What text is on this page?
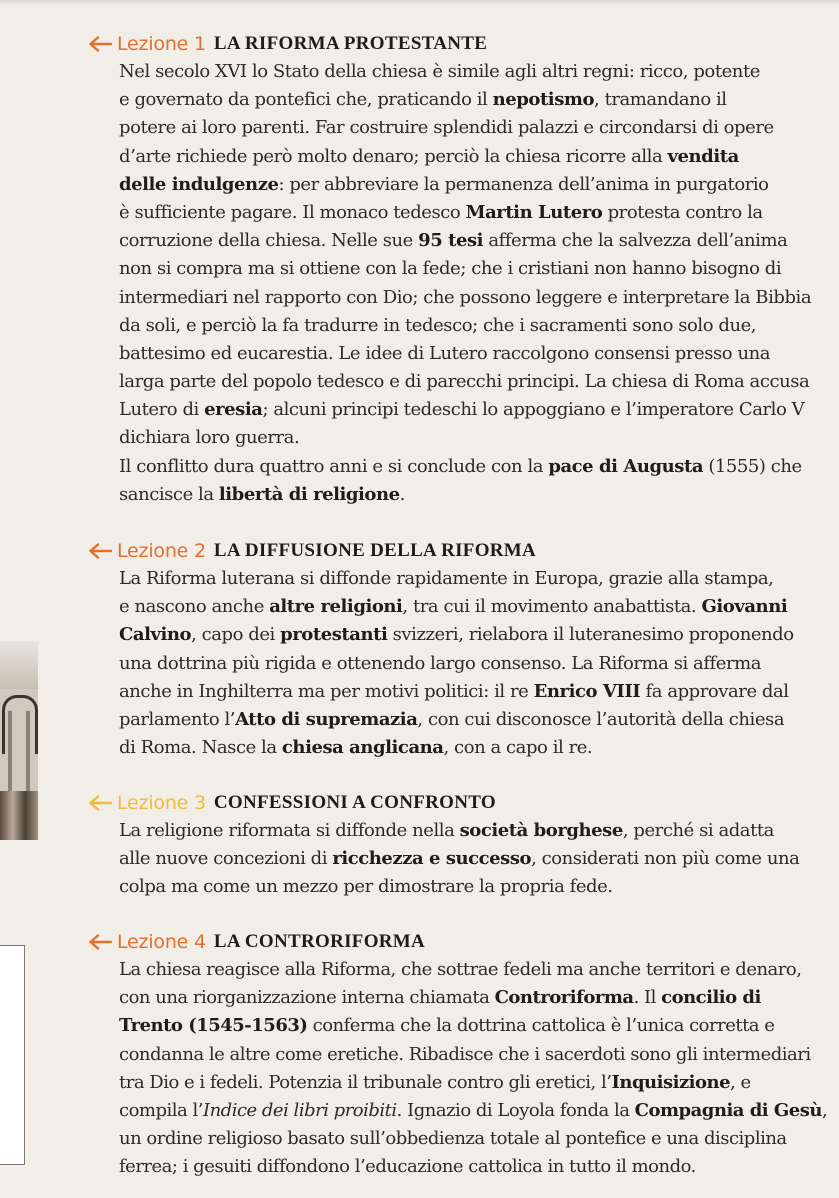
Lezione 1 LA RIFORMA PROTESTANTE

Nel secolo XVI lo Stato della chiesa è simile agli altri regni: ricco, potente
e governato da pontefici che, praticando il nepotismo, tramandano il
potere ai loro parenti. Far costruire splendidi palazzi e circondarsi di opere
d’arte richiede però molto denaro; perciò la chiesa ricorre alla vendita
delle indulgenze: per abbreviare la permanenza dell’anima in purgatorio
è sufficiente pagare. Il monaco tedesco Martin Lutero protesta contro la
corruzione della chiesa. Nelle sue 95 tesi afferma che la salvezza dell’anima
non si compra ma si ottiene con la fede; che i cristiani non hanno bisogno di
intermediari nel rapporto con Dio; che possono leggere e interpretare la Bibbia
da soli, e perciò la fa tradurre in tedesco; che i sacramenti sono solo due,
battesimo ed eucarestia. Le idee di Lutero raccolgono consensi presso una
larga parte del popolo tedesco e di parecchi principi. La chiesa di Roma accusa
Lutero di eresia; alcuni principi tedeschi lo appoggiano e l’imperatore Carlo V
dichiara loro guerra.
Il conflitto dura quattro anni e si conclude con la pace di Augusta (1555) che
sancisce la libertà di religione.

Lezione 2 LA DIFFUSIONE DELLA RIFORMA

La Riforma luterana si diffonde rapidamente in Europa, grazie alla stampa,
e nascono anche altre religioni, tra cui il movimento anabattista. Giovanni
Calvino, capo dei protestanti svizzeri, rielabora il luteranesimo proponendo
una dottrina più rigida e ottenendo largo consenso. La Riforma si afferma
anche in Inghilterra ma per motivi politici: il re Enrico VIII fa approvare dal
parlamento l’Atto di supremazia, con cui disconosce l’autorità della chiesa
di Roma. Nasce la chiesa anglicana, con a capo il re.

Lezione 3 CONFESSIONI A CONFRONTO

La religione riformata si diffonde nella società borghese, perché si adatta
alle nuove concezioni di ricchezza e successo, considerati non più come una
colpa ma come un mezzo per dimostrare la propria fede.

Lezione 4 LA CONTRORIFORMA

La chiesa reagisce alla Riforma, che sottrae fedeli ma anche territori e denaro,
con una riorganizzazione interna chiamata Controriforma. Il concilio di
Trento (1545-1563) conferma che la dottrina cattolica è l’unica corretta e
condanna le altre come eretiche. Ribadisce che i sacerdoti sono gli intermediari
tra Dio e i fedeli. Potenzia il tribunale contro gli eretici, l’Inquisizione, e
compila l’Indice dei libri proibiti. Ignazio di Loyola fonda la Compagnia di Gesù,
un ordine religioso basato sull’obbedienza totale al pontefice e una disciplina
ferrea; i gesuiti diffondono l’educazione cattolica in tutto il mondo.
